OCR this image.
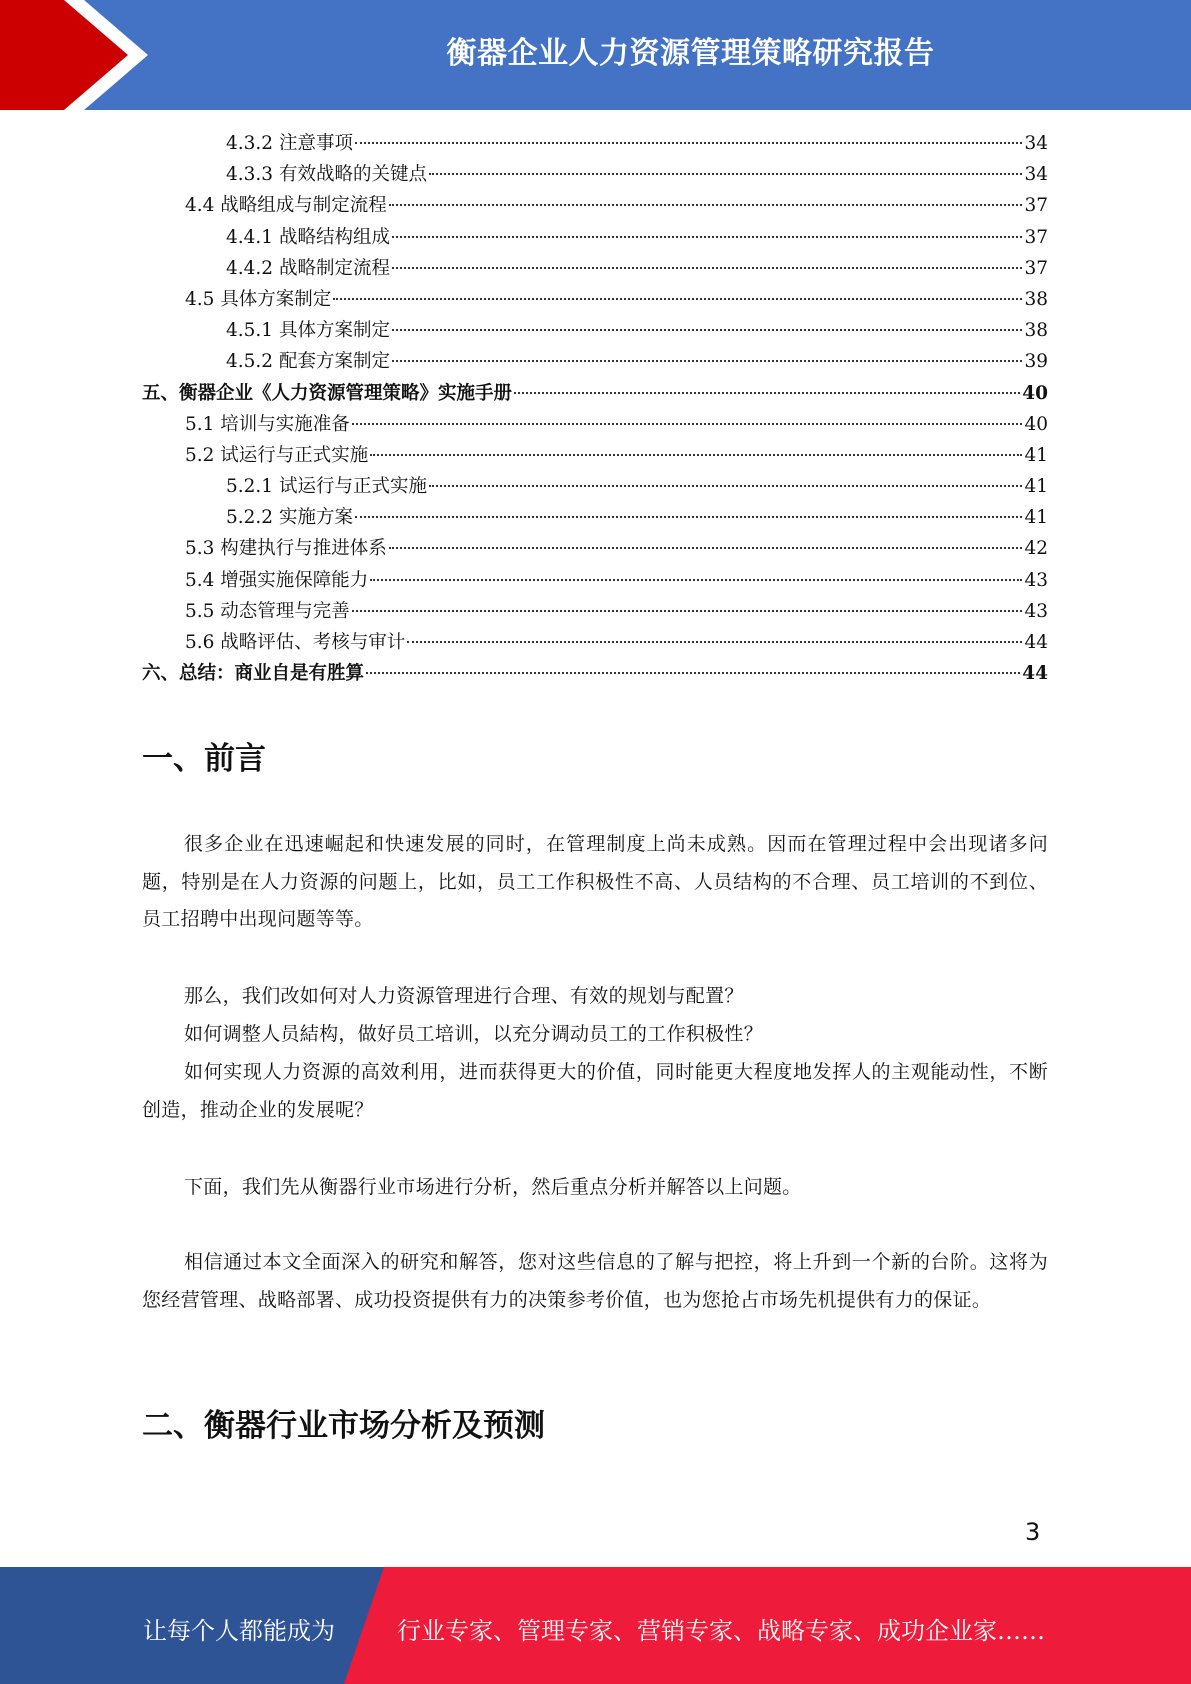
衡器企业人力资源管理策略研究报告
4.3.2 注意事项	34
4.3.3 有效战略的关键点	34
4.4 战略组成与制定流程	37
4.4.1 战略结构组成	37
4.4.2 战略制定流程	37
4.5 具体方案制定	38
4.5.1 具体方案制定	38
4.5.2 配套方案制定	39
五、衡器企业《人力资源管理策略》实施手册	40
5.1 培训与实施准备	40
5.2 试运行与正式实施	41
5.2.1 试运行与正式实施	41
5.2.2 实施方案	41
5.3 构建执行与推进体系	42
5.4 增强实施保障能力	43
5.5 动态管理与完善	43
5.6 战略评估、考核与审计	44
六、总结：商业自是有胜算	44
一、前言
很多企业在迅速崛起和快速发展的同时，在管理制度上尚未成熟。因而在管理过程中会出现诸多问题，特别是在人力资源的问题上，比如，员工工作积极性不高、人员结构的不合理、员工培训的不到位、员工招聘中出现问题等等。
那么，我们改如何对人力资源管理进行合理、有效的规划与配置？
如何调整人员結构，做好员工培训，以充分调动员工的工作积极性？
如何实现人力资源的高效利用，进而获得更大的价值，同时能更大程度地发挥人的主观能动性，不断创造，推动企业的发展呢？
下面，我们先从衡器行业市场进行分析，然后重点分析并解答以上问题。
相信通过本文全面深入的研究和解答，您对这些信息的了解与把控，将上升到一个新的台阶。这将为您经营管理、战略部署、成功投资提供有力的决策参考价值，也为您抢占市场先机提供有力的保证。
二、衡器行业市场分析及预测
3
让每个人都能成为	行业专家、管理专家、营销专家、战略专家、成功企业家……
